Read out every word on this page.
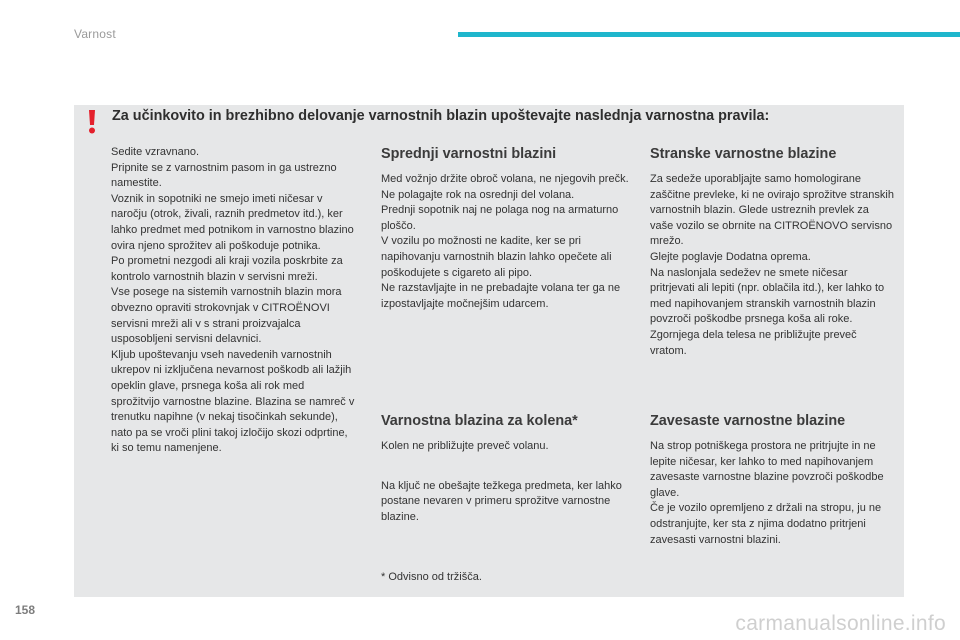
Varnost
Za učinkovito in brezhibno delovanje varnostnih blazin upoštevajte naslednja varnostna pravila:

Sedite vzravnano.
Pripnite se z varnostnim pasom in ga ustrezno namestite.
Voznik in sopotniki ne smejo imeti ničesar v naročju (otrok, živali, raznih predmetov itd.), ker lahko predmet med potnikom in varnostno blazino ovira njeno sprožitev ali poškoduje potnika.
Po prometni nezgodi ali kraji vozila poskrbite za kontrolo varnostnih blazin v servisni mreži.
Vse posege na sistemih varnostnih blazin mora obvezno opraviti strokovnjak v CITROËNOVI servisni mreži ali v s strani proizvajalca usposobljeni servisni delavnici.
Kljub upoštevanju vseh navedenih varnostnih ukrepov ni izključena nevarnost poškodb ali lažjih opeklin glave, prsnega koša ali rok med sprožitvijo varnostne blazine. Blazina se namreč v trenutku napihne (v nekaj tisočinkah sekunde), nato pa se vroči plini takoj izločijo skozi odprtine, ki so temu namenjene.

Sprednji varnostni blazini

Med vožnjo držite obroč volana, ne njegovih prečk. Ne polagajte rok na osrednji del volana.
Prednji sopotnik naj ne polaga nog na armaturno ploščo.
V vozilu po možnosti ne kadite, ker se pri napihovanju varnostnih blazin lahko opečete ali poškodujete s cigareto ali pipo.
Ne razstavljajte in ne prebadajte volana ter ga ne izpostavljajte močnejšim udarcem.

Varnostna blazina za kolena*

Kolen ne približujte preveč volanu.

Na ključ ne obešajte težkega predmeta, ker lahko postane nevaren v primeru sprožitve varnostne blazine.

* Odvisno od tržišča.
Stranske varnostne blazine

Za sedeže uporabljajte samo homologirane zaščitne prevleke, ki ne ovirajo sprožitve stranskih varnostnih blazin. Glede ustreznih prevlek za vaše vozilo se obrnite na CITROËNOVO servisno mrežo.
Glejte poglavje Dodatna oprema.
Na naslonjala sedežev ne smete ničesar pritrjevati ali lepiti (npr. oblačila itd.), ker lahko to med napihovanjem stranskih varnostnih blazin povzroči poškodbe prsnega koša ali roke.
Zgornjega dela telesa ne približujte preveč vratom.

Zavesaste varnostne blazine

Na strop potniškega prostora ne pritrjujte in ne lepite ničesar, ker lahko to med napihovanjem zavesaste varnostne blazine povzroči poškodbe glave.
Če je vozilo opremljeno z držali na stropu, ju ne odstranjujte, ker sta z njima dodatno pritrjeni zavesasti varnostni blazini.

158
carmanualsonline.info
